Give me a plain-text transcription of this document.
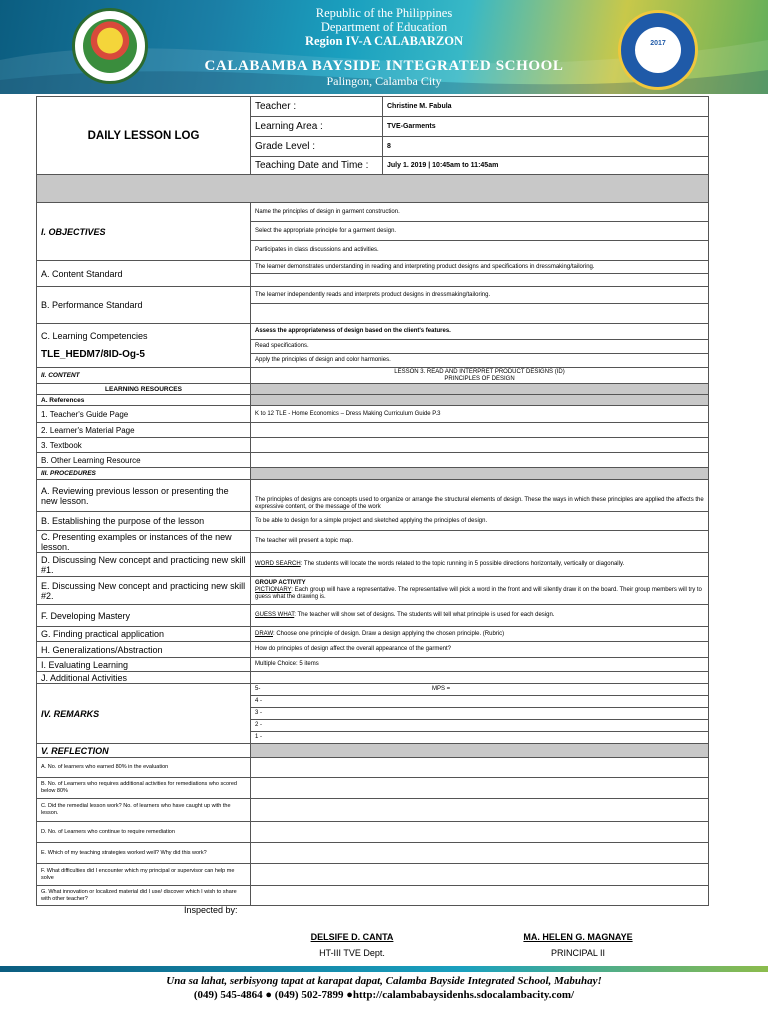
Republic of the Philippines
Department of Education
Region IV-A CALABARZON
CALABAMBA BAYSIDE INTEGRATED SCHOOL
Palingon, Calamba City
2017
DAILY LESSON LOG	Teacher :	Christine M. Fabula
	Learning Area :	TVE-Garments
	Grade Level :	8
	Teaching Date and Time :	July 1. 2019 | 10:45am to 11:45am

I. OBJECTIVES	Name the principles of design in garment construction.	
	Select the appropriate principle for a garment design.	
	Participates in class discussions and activities.	
A. Content Standard	The learner demonstrates understanding in reading and interpreting product designs and specifications in dressmaking/tailoring.	

B. Performance Standard	The learner independently reads and interprets product designs in dressmaking/tailoring.	

C. Learning Competencies
TLE_HEDM7/8ID-Og-5	Assess the appropriateness of design based on the client's features.	
	Read specifications.	
	Apply the principles of design and color harmonies.	
II. CONTENT	LESSON 3. READ AND INTERPRET PRODUCT DESIGNS (ID)
PRINCIPLES OF DESIGN	

LEARNING RESOURCES		
A. References		
1. Teacher's Guide Page	K to 12 TLE - Home Economics – Dress Making Curriculum Guide P.3	
2. Learner's Material Page		
3. Textbook		
B. Other Learning Resource		
III. PROCEDURES		
A. Reviewing previous lesson or presenting the new lesson.	The principles of designs are concepts used to organize or arrange the structural elements of design. These the ways in which these principles are applied the affects the expressive content, or the message of the work	
B. Establishing the purpose of the lesson	To be able to design for a simple project and sketched applying the principles of design.	
C. Presenting examples or instances of the new lesson.	The teacher will present a topic map.	
D. Discussing New concept and practicing new skill #1.	WORD SEARCH: The students will locate the words related to the topic running in 5 possible directions horizontally, vertically or diagonally.	
E. Discussing New concept and practicing new skill #2.	GROUP ACTIVITY
PICTIONARY: Each group will have a representative. The representative will pick a word in the front and will silently draw it on the board. Their group members will try to guess what the drawing is.	
F. Developing Mastery	GUESS WHAT: The teacher will show set of designs. The students will tell what principle is used for each design.	
G. Finding practical application	DRAW: Choose one principle of design. Draw a design applying the chosen principle. (Rubric)	
H. Generalizations/Abstraction	How do principles of design affect the overall appearance of the garment?	
I. Evaluating Learning	Multiple Choice: 5 items	
J. Additional Activities		
IV. REMARKS	5- MPS =	
	4 -	
	3 -	
	2 -	
	1 -	
V. REFLECTION		
A. No. of learners who earned 80% in the evaluation		
B. No. of Learners who requires additional activities for remediations who scored below 80%		
C. Did the remedial lesson work? No. of learners who have caught up with the lesson.		
D. No. of Learners who continue to require remediation		
E. Which of my teaching strategies worked well? Why did this work?		
F. What difficulties did I encounter which my principal or supervisor can help me solve		
G. What innovation or localized material did I use/ discover which I wish to share with other teacher?		
Inspected by:
DELSIFE D. CANTA
HT-III TVE Dept.
MA. HELEN G. MAGNAYE
PRINCIPAL II
Una sa lahat, serbisyong tapat at karapat dapat, Calamba Bayside Integrated School, Mabuhay!
(049) 545-4864 ● (049) 502-7899 ●http://calambabaysidenhs.sdocalambacity.com/
